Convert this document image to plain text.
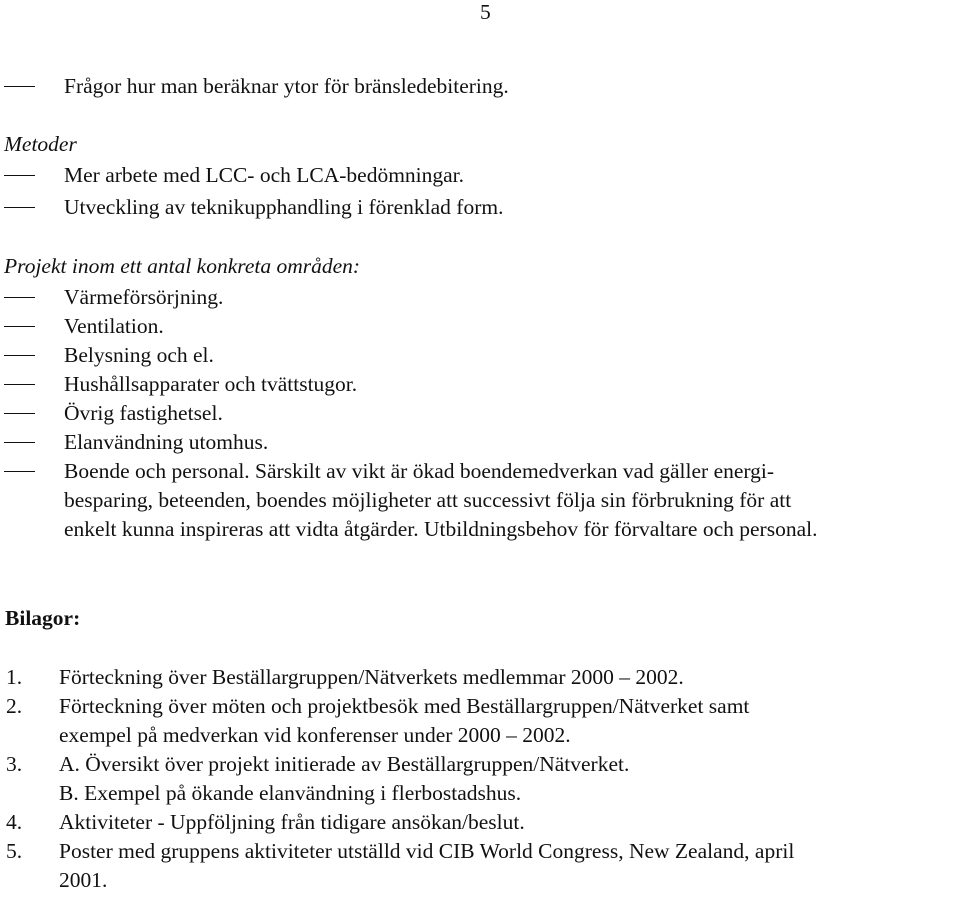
5
Frågor hur man beräknar ytor för bränsledebitering.
Metoder
Mer arbete med LCC- och LCA-bedömningar.
Utveckling av teknikupphandling i förenklad form.
Projekt inom ett antal konkreta områden:
Värmeförsörjning.
Ventilation.
Belysning och el.
Hushållsapparater och tvättstugor.
Övrig fastighetsel.
Elanvändning utomhus.
Boende och personal. Särskilt av vikt är ökad boendemedverkan vad gäller energi-
besparing, beteenden, boendes möjligheter att successivt följa sin förbrukning för att
enkelt kunna inspireras att vidta åtgärder. Utbildningsbehov för förvaltare och personal.
Bilagor:
1. Förteckning över Beställargruppen/Nätverkets medlemmar 2000 – 2002.
2. Förteckning över möten och projektbesök med Beställargruppen/Nätverket samt
exempel på medverkan vid konferenser under 2000 – 2002.
3. A. Översikt över projekt initierade av Beställargruppen/Nätverket.
B. Exempel på ökande elanvändning i flerbostadshus.
4. Aktiviteter - Uppföljning från tidigare ansökan/beslut.
5. Poster med gruppens aktiviteter utställd vid CIB World Congress, New Zealand, april
2001.
